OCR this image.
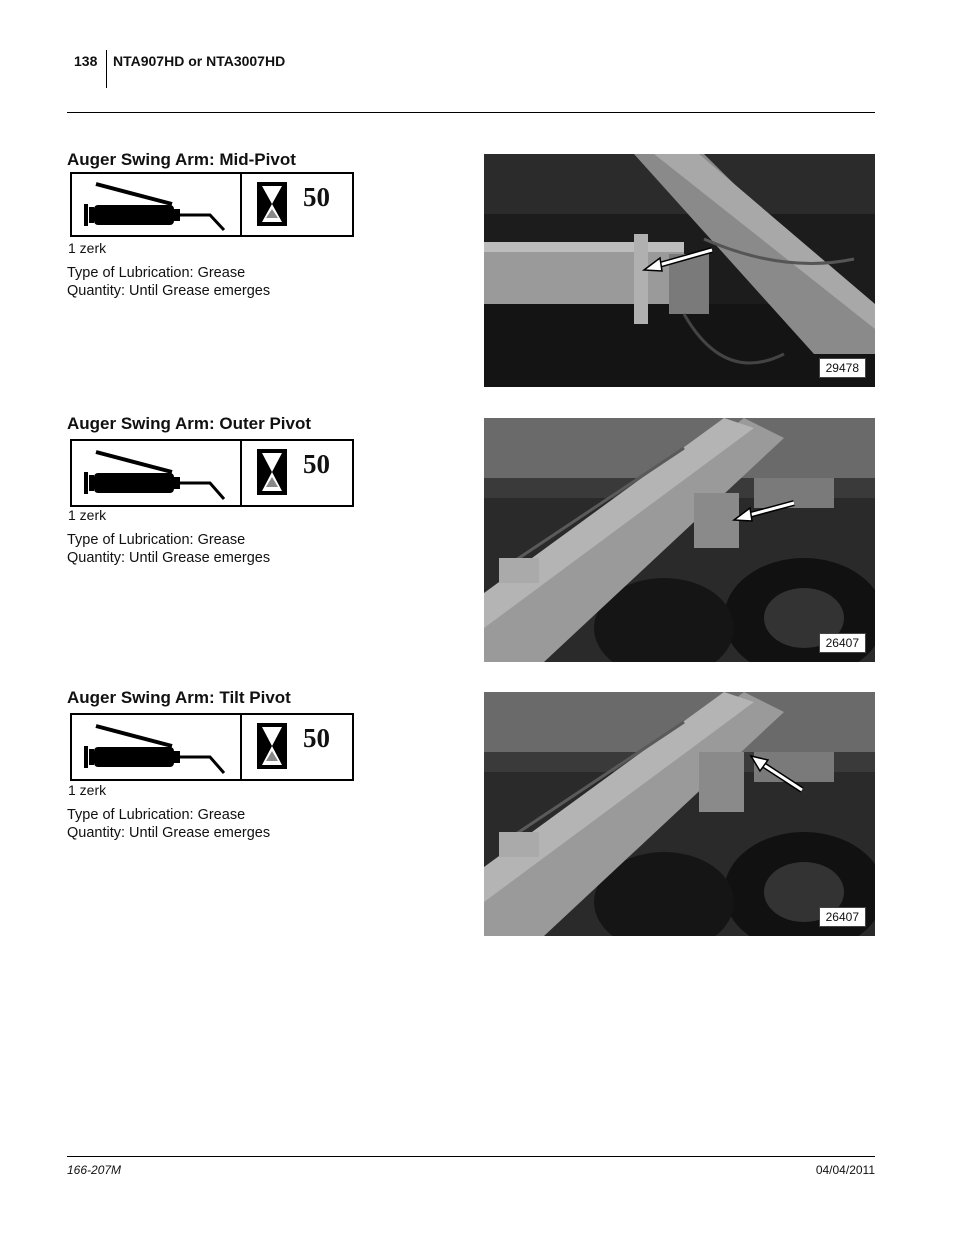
138 NTA907HD or NTA3007HD
Auger Swing Arm: Mid-Pivot
50
1 zerk
Type of Lubrication: Grease
Quantity: Until Grease emerges
29478
Auger Swing Arm: Outer Pivot
50
1 zerk
Type of Lubrication: Grease
Quantity: Until Grease emerges
26407
Auger Swing Arm: Tilt Pivot
50
1 zerk
Type of Lubrication: Grease
Quantity: Until Grease emerges
26407
166-207M	04/04/2011
